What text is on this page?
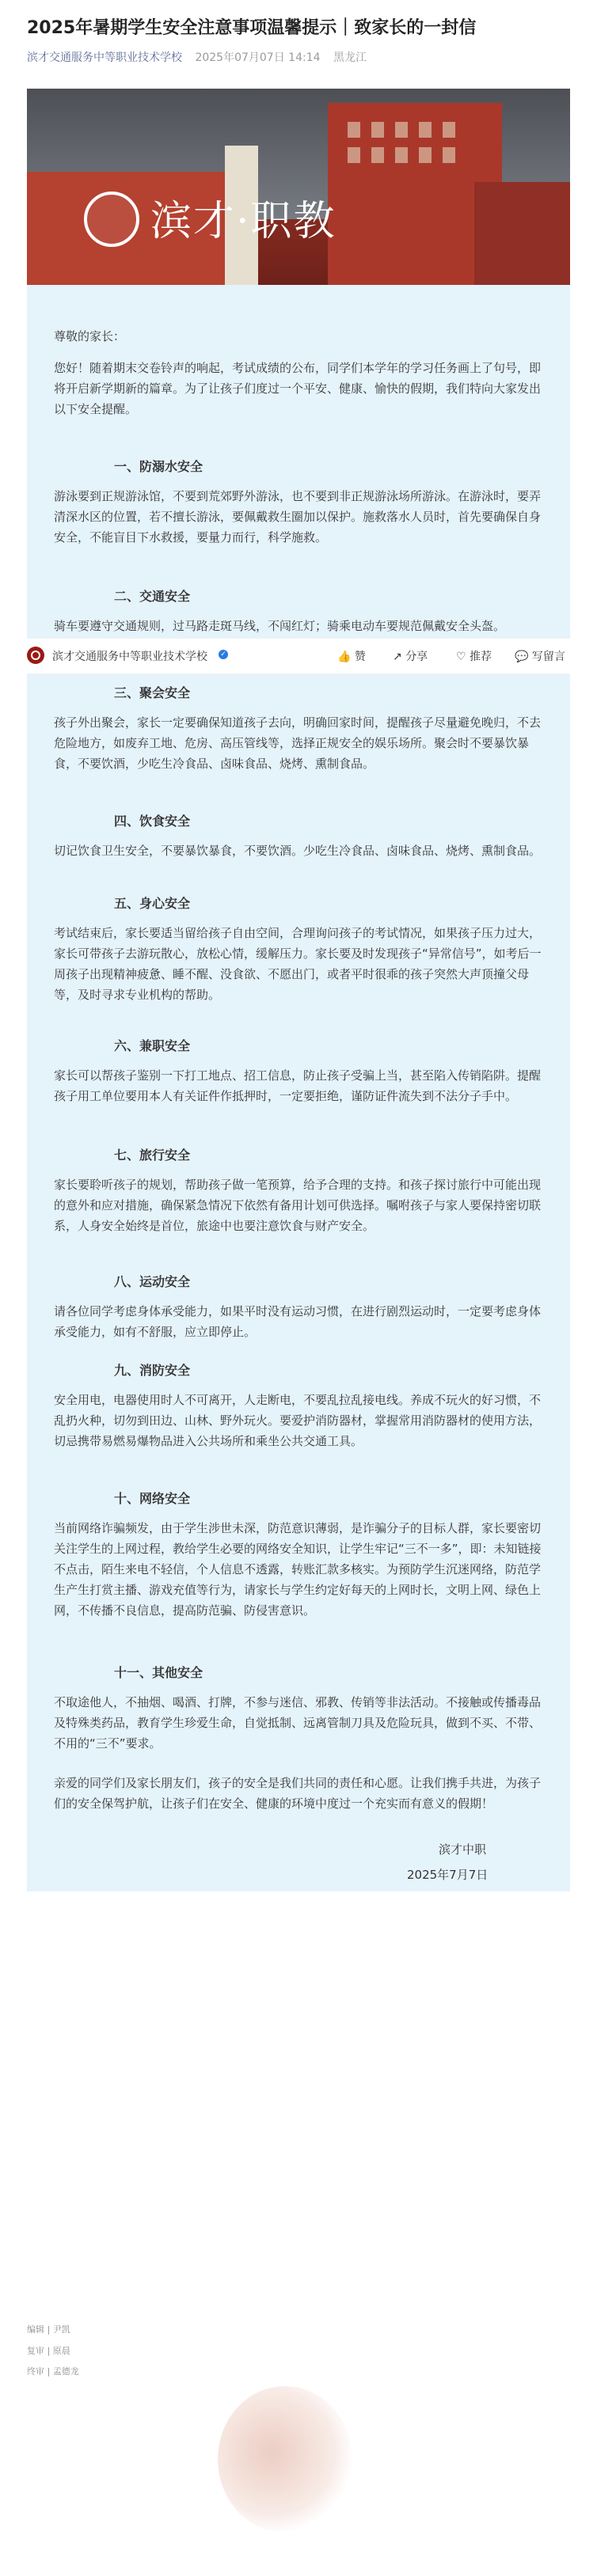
2025年暑期学生安全注意事项温馨提示｜致家长的一封信
滨才交通服务中等职业技术学校 2025年07月07日 14:14 黑龙江
滨才·职教
尊敬的家长：
您好！随着期末交卷铃声的响起，考试成绩的公布，同学们本学年的学习任务画上了句号，即将开启新学期新的篇章。为了让孩子们度过一个平安、健康、愉快的假期，我们特向大家发出以下安全提醒。
一、防溺水安全
游泳要到正规游泳馆，不要到荒郊野外游泳，也不要到非正规游泳场所游泳。在游泳时，要弄清深水区的位置，若不擅长游泳，要佩戴救生圈加以保护。施救落水人员时，首先要确保自身安全，不能盲目下水救援，要量力而行，科学施救。
二、交通安全
骑车要遵守交通规则，过马路走斑马线，不闯红灯；骑乘电动车要规范佩戴安全头盔。
三、聚会安全
孩子外出聚会，家长一定要确保知道孩子去向，明确回家时间，提醒孩子尽量避免晚归，不去危险地方，如废弃工地、危房、高压管线等，选择正规安全的娱乐场所。聚会时不要暴饮暴食，不要饮酒，少吃生冷食品、卤味食品、烧烤、熏制食品。
四、饮食安全
切记饮食卫生安全，不要暴饮暴食，不要饮酒。少吃生冷食品、卤味食品、烧烤、熏制食品。
五、身心安全
考试结束后，家长要适当留给孩子自由空间，合理询问孩子的考试情况，如果孩子压力过大，家长可带孩子去游玩散心，放松心情，缓解压力。家长要及时发现孩子“异常信号”，如考后一周孩子出现精神疲惫、睡不醒、没食欲、不愿出门，或者平时很乖的孩子突然大声顶撞父母等，及时寻求专业机构的帮助。
六、兼职安全
家长可以帮孩子鉴别一下打工地点、招工信息，防止孩子受骗上当，甚至陷入传销陷阱。提醒孩子用工单位要用本人有关证件作抵押时，一定要拒绝，谨防证件流失到不法分子手中。
七、旅行安全
家长要聆听孩子的规划，帮助孩子做一笔预算，给予合理的支持。和孩子探讨旅行中可能出现的意外和应对措施，确保紧急情况下依然有备用计划可供选择。嘱咐孩子与家人要保持密切联系，人身安全始终是首位，旅途中也要注意饮食与财产安全。
八、运动安全
请各位同学考虑身体承受能力，如果平时没有运动习惯，在进行剧烈运动时，一定要考虑身体承受能力，如有不舒服，应立即停止。
九、消防安全
安全用电，电器使用时人不可离开，人走断电，不要乱拉乱接电线。养成不玩火的好习惯，不乱扔火种，切勿到田边、山林、野外玩火。要爱护消防器材，掌握常用消防器材的使用方法，切忌携带易燃易爆物品进入公共场所和乘坐公共交通工具。
十、网络安全
当前网络诈骗频发，由于学生涉世未深，防范意识薄弱，是诈骗分子的目标人群，家长要密切关注学生的上网过程，教给学生必要的网络安全知识，让学生牢记“三不一多”，即：未知链接不点击，陌生来电不轻信，个人信息不透露，转账汇款多核实。为预防学生沉迷网络，防范学生产生打赏主播、游戏充值等行为，请家长与学生约定好每天的上网时长，文明上网、绿色上网，不传播不良信息，提高防范骗、防侵害意识。
十一、其他安全
不取途他人，不抽烟、喝酒、打牌，不参与迷信、邪教、传销等非法活动。不接触或传播毒品及特殊类药品，教育学生珍爱生命，自觉抵制、远离管制刀具及危险玩具，做到不买、不带、不用的“三不”要求。
亲爱的同学们及家长朋友们，孩子的安全是我们共同的责任和心愿。让我们携手共进，为孩子们的安全保驾护航，让孩子们在安全、健康的环境中度过一个充实而有意义的假期！
滨才中职
2025年7月7日
滨才交通服务中等职业技术学校 ✓	👍 赞 ↗ 分享	♡ 推荐 💬 写留言
编辑 | 尹凯
复审 | 原晨
终审 | 孟德龙
